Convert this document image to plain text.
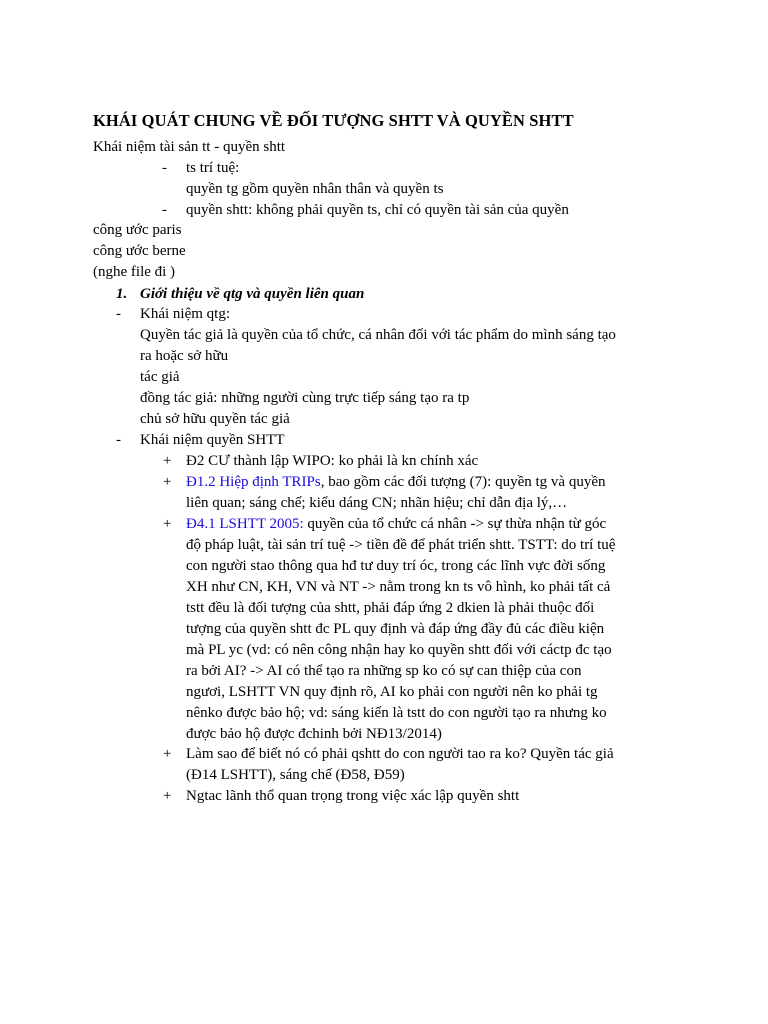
KHÁI QUÁT CHUNG VỀ ĐỐI TƯỢNG SHTT VÀ QUYỀN SHTT
Khái niệm tài sản tt - quyền shtt
- ts trí tuệ:
quyền tg gồm quyền nhân thân và quyền ts
- quyền shtt: không phải quyền ts, chỉ có quyền tài sản của quyền
công ước paris
công ước berne
(nghe file đi )
1. Giới thiệu về qtg và quyền liên quan
- Khái niệm qtg:
Quyền tác giả là quyền của tổ chức, cá nhân đối với tác phẩm do mình sáng tạo
ra hoặc sở hữu
tác giả
đồng tác giả: những người cùng trực tiếp sáng tạo ra tp
chủ sở hữu quyền tác giả
- Khái niệm quyền SHTT
+ Đ2 CƯ thành lập WIPO: ko phải là kn chính xác
+ Đ1.2 Hiệp định TRIPs, bao gồm các đối tượng (7): quyền tg và quyền
liên quan; sáng chế; kiểu dáng CN; nhãn hiệu; chỉ dẫn địa lý,…
+ Đ4.1 LSHTT 2005: quyền của tổ chức cá nhân -> sự thừa nhận từ góc
độ pháp luật, tài sản trí tuệ -> tiền đề để phát triển shtt. TSTT: do trí tuệ
con người stao thông qua hđ tư duy trí óc, trong các lĩnh vực đời sống
XH như CN, KH, VN và NT -> nằm trong kn ts vô hình, ko phải tất cả
tstt đều là đối tượng của shtt, phải đáp ứng 2 dkien là phải thuộc đối
tượng của quyền shtt đc PL quy định và đáp ứng đầy đủ các điều kiện
mà PL yc (vd: có nên công nhận hay ko quyền shtt đối với cáctp đc tạo
ra bởi AI? -> AI có thể tạo ra những sp ko có sự can thiệp của con
ngươi, LSHTT VN quy định rõ, AI ko phải con người nên ko phải tg
nênko được bảo hộ; vd: sáng kiến là tstt do con người tạo ra nhưng ko
được bảo hộ được đchinh bởi NĐ13/2014)
+ Làm sao để biết nó có phải qshtt do con người tao ra ko? Quyền tác giả
(Đ14 LSHTT), sáng chế (Đ58, Đ59)
+ Ngtac lãnh thổ quan trọng trong việc xác lập quyền shtt
